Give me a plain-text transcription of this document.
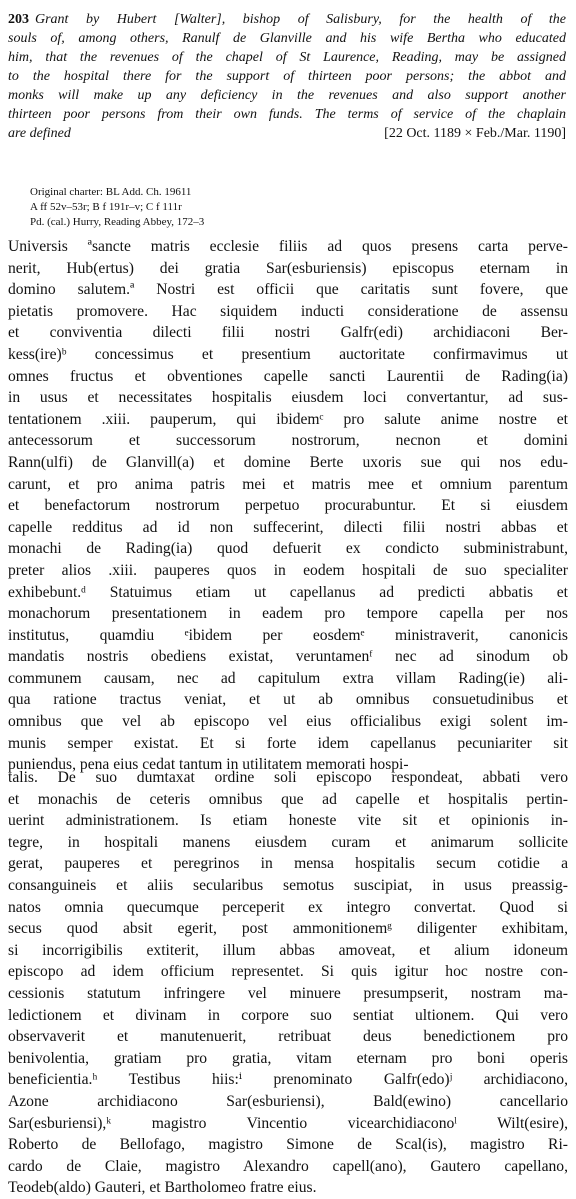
203 Grant by Hubert [Walter], bishop of Salisbury, for the health of the
souls of, among others, Ranulf de Glanville and his wife Bertha who educated
him, that the revenues of the chapel of St Laurence, Reading, may be assigned
to the hospital there for the support of thirteen poor persons; the abbot and
monks will make up any deficiency in the revenues and also support another
thirteen poor persons from their own funds. The terms of service of the chaplain
are defined	[22 Oct. 1189 × Feb./Mar. 1190]
Original charter: BL Add. Ch. 19611
A ff 52v–53r; B f 191r–v; C f 111r
Pd. (cal.) Hurry, Reading Abbey, 172–3
Universis ªsancte matris ecclesie filiis ad quos presens carta perve-
nerit, Hub(ertus) dei gratia Sar(esburiensis) episcopus eternam in
domino salutem.ª Nostri est officii que caritatis sunt fovere, que
pietatis promovere. Hac siquidem inducti consideratione de assensu
et conviventia dilecti filii nostri Galfr(edi) archidiaconi Ber-
kess(ire)ᵇ concessimus et presentium auctoritate confirmavimus ut
omnes fructus et obventiones capelle sancti Laurentii de Rading(ia)
in usus et necessitates hospitalis eiusdem loci convertantur, ad sus-
tentationem .xiii. pauperum, qui ibidemᶜ pro salute anime nostre et
antecessorum et successorum nostrorum, necnon et domini
Rann(ulfi) de Glanvill(a) et domine Berte uxoris sue qui nos edu-
carunt, et pro anima patris mei et matris mee et omnium parentum
et benefactorum nostrorum perpetuo procurabuntur. Et si eiusdem
capelle redditus ad id non suffecerint, dilecti filii nostri abbas et
monachi de Rading(ia) quod defuerit ex condicto subministrabunt,
preter alios .xiii. pauperes quos in eodem hospitali de suo specialiter
exhibebunt.ᵈ Statuimus etiam ut capellanus ad predicti abbatis et
monachorum presentationem in eadem pro tempore capella per nos
institutus, quamdiu ᵉibidem per eosdemᵉ ministraverit, canonicis
mandatis nostris obediens existat, veruntamenᶠ nec ad sinodum ob
communem causam, nec ad capitulum extra villam Rading(ie) ali-
qua ratione tractus veniat, et ut ab omnibus consuetudinibus et
omnibus que vel ab episcopo vel eius officialibus exigi solent im-
munis semper existat. Et si forte idem capellanus pecuniariter sit
puniendus, pena eius cedat tantum in utilitatem memorati hospi-
talis. De suo dumtaxat ordine soli episcopo respondeat, abbati vero
et monachis de ceteris omnibus que ad capelle et hospitalis pertin-
uerint administrationem. Is etiam honeste vite sit et opinionis in-
tegre, in hospitali manens eiusdem curam et animarum sollicite
gerat, pauperes et peregrinos in mensa hospitalis secum cotidie a
consanguineis et aliis secularibus semotus suscipiat, in usus preassig-
natos omnia quecumque perceperit ex integro convertat. Quod si
secus quod absit egerit, post ammonitionemᵍ diligenter exhibitam,
si incorrigibilis extiterit, illum abbas amoveat, et alium idoneum
episcopo ad idem officium representet. Si quis igitur hoc nostre con-
cessionis statutum infringere vel minuere presumpserit, nostram ma-
ledictionem et divinam in corpore suo sentiat ultionem. Qui vero
observaverit et manutenuerit, retribuat deus benedictionem pro
benivolentia, gratiam pro gratia, vitam eternam pro boni operis
beneficientia.ʰ Testibus hiis:ⁱ prenominato Galfr(edo)ʲ archidiacono,
Azone archidiacono Sar(esburiensi), Bald(ewino) cancellario
Sar(esburiensi),ᵏ magistro Vincentio vicearchidiaconoˡ Wilt(esire),
Roberto de Bellofago, magistro Simone de Scal(is), magistro Ri-
cardo de Claie, magistro Alexandro capell(ano), Gautero capellano,
Teodeb(aldo) Gauteri, et Bartholomeo fratre eius.
